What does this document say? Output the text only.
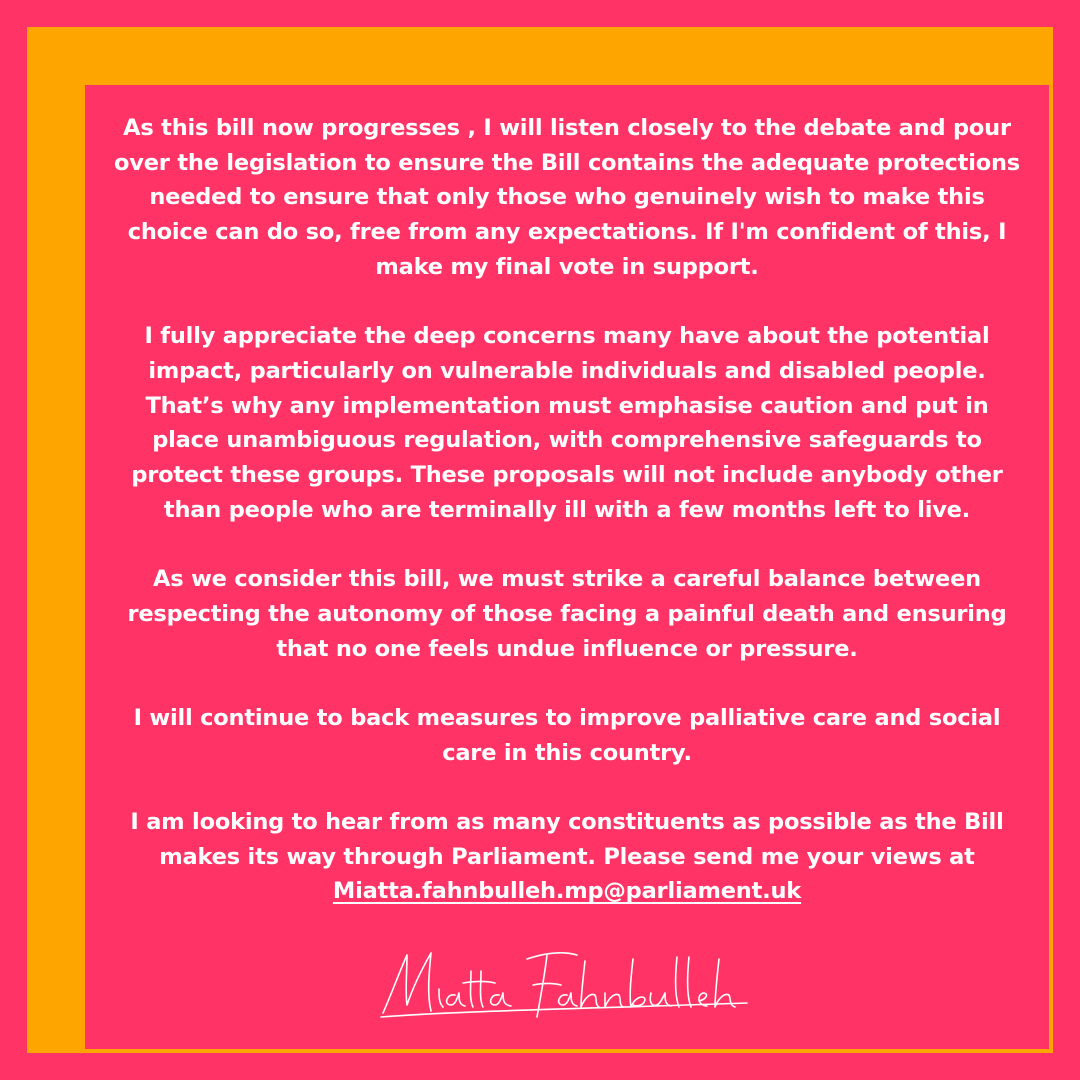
As this bill now progresses , I will listen closely to the debate and pour
over the legislation to ensure the Bill contains the adequate protections
needed to ensure that only those who genuinely wish to make this
choice can do so, free from any expectations. If I'm confident of this, I
make my final vote in support.

I fully appreciate the deep concerns many have about the potential
impact, particularly on vulnerable individuals and disabled people.
That’s why any implementation must emphasise caution and put in
place unambiguous regulation, with comprehensive safeguards to
protect these groups. These proposals will not include anybody other
than people who are terminally ill with a few months left to live.

As we consider this bill, we must strike a careful balance between
respecting the autonomy of those facing a painful death and ensuring
that no one feels undue influence or pressure.

I will continue to back measures to improve palliative care and social
care in this country.

I am looking to hear from as many constituents as possible as the Bill
makes its way through Parliament. Please send me your views at
Miatta.fahnbulleh.mp@parliament.uk
